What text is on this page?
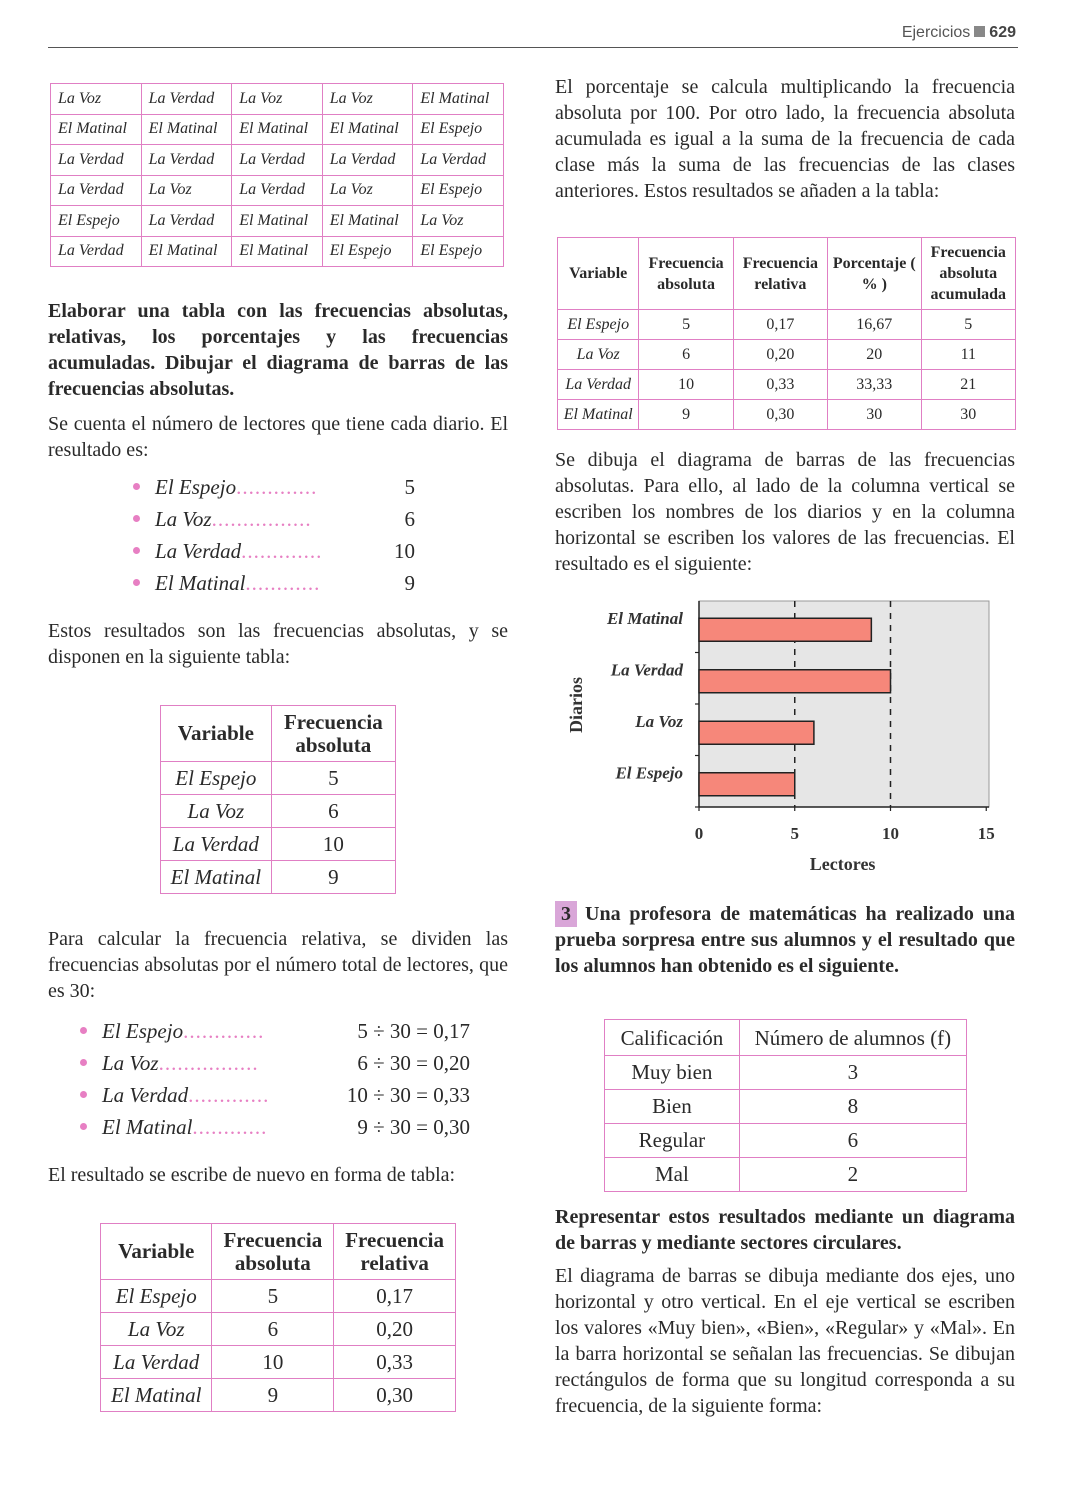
Ejercicios 629
La Voz	La Verdad	La Voz	La Voz	El Matinal
El Matinal	El Matinal	El Matinal	El Matinal	El Espejo
La Verdad	La Verdad	La Verdad	La Verdad	La Verdad
La Verdad	La Voz	La Verdad	La Voz	El Espejo
El Espejo	La Verdad	El Matinal	El Matinal	La Voz
La Verdad	El Matinal	El Matinal	El Espejo	El Espejo

Elaborar una tabla con las frecuencias absolutas, relativas, los porcentajes y las frecuencias acumuladas. Dibujar el diagrama de barras de las frecuencias absolutas.

Se cuenta el número de lectores que tiene cada diario. El resultado es:

El Espejo.............	5
La Voz................	6
La Verdad.............	10
El Matinal............	9

Estos resultados son las frecuencias absolutas, y se disponen en la siguiente tabla:

Variable	Frecuencia absoluta
El Espejo	5
La Voz	6
La Verdad	10
El Matinal	9

Para calcular la frecuencia relativa, se dividen las frecuencias absolutas por el número total de lectores, que es 30:

El Espejo.............	5 ÷ 30 = 0,17
La Voz................	6 ÷ 30 = 0,20
La Verdad.............	10 ÷ 30 = 0,33
El Matinal............	9 ÷ 30 = 0,30

El resultado se escribe de nuevo en forma de tabla:

Variable	Frecuencia absoluta	Frecuencia relativa
El Espejo	5	0,17
La Voz	6	0,20
La Verdad	10	0,33
El Matinal	9	0,30

El porcentaje se calcula multiplicando la frecuencia absoluta por 100. Por otro lado, la frecuencia absoluta acumulada es igual a la suma de la frecuencia de cada clase más la suma de las frecuencias de las clases anteriores. Estos resultados se añaden a la tabla:

Variable	Frecuencia absoluta	Frecuencia relativa	Porcentaje ( % )	Frecuencia absoluta acumulada
El Espejo	5	0,17	16,67	5
La Voz	6	0,20	20	11
La Verdad	10	0,33	33,33	21
El Matinal	9	0,30	30	30

Se dibuja el diagrama de barras de las frecuencias absolutas. Para ello, al lado de la columna vertical se escriben los nombres de los diarios y en la columna horizontal se escriben los valores de las frecuencias. El resultado es el siguiente:

El Espejo
La Voz
La Verdad
El Matinal
0	5	10	15
Lectores
Diarios

3 Una profesora de matemáticas ha realizado una prueba sorpresa entre sus alumnos y el resultado que los alumnos han obtenido es el siguiente.

Calificación	Número de alumnos (f)
Muy bien	3
Bien	8
Regular	6
Mal	2

Representar estos resultados mediante un diagrama de barras y mediante sectores circulares.

El diagrama de barras se dibuja mediante dos ejes, uno horizontal y otro vertical. En el eje vertical se escriben los valores «Muy bien», «Bien», «Regular» y «Mal». En la barra horizontal se señalan las frecuencias. Se dibujan rectángulos de forma que su longitud corresponda a su frecuencia, de la siguiente forma:
